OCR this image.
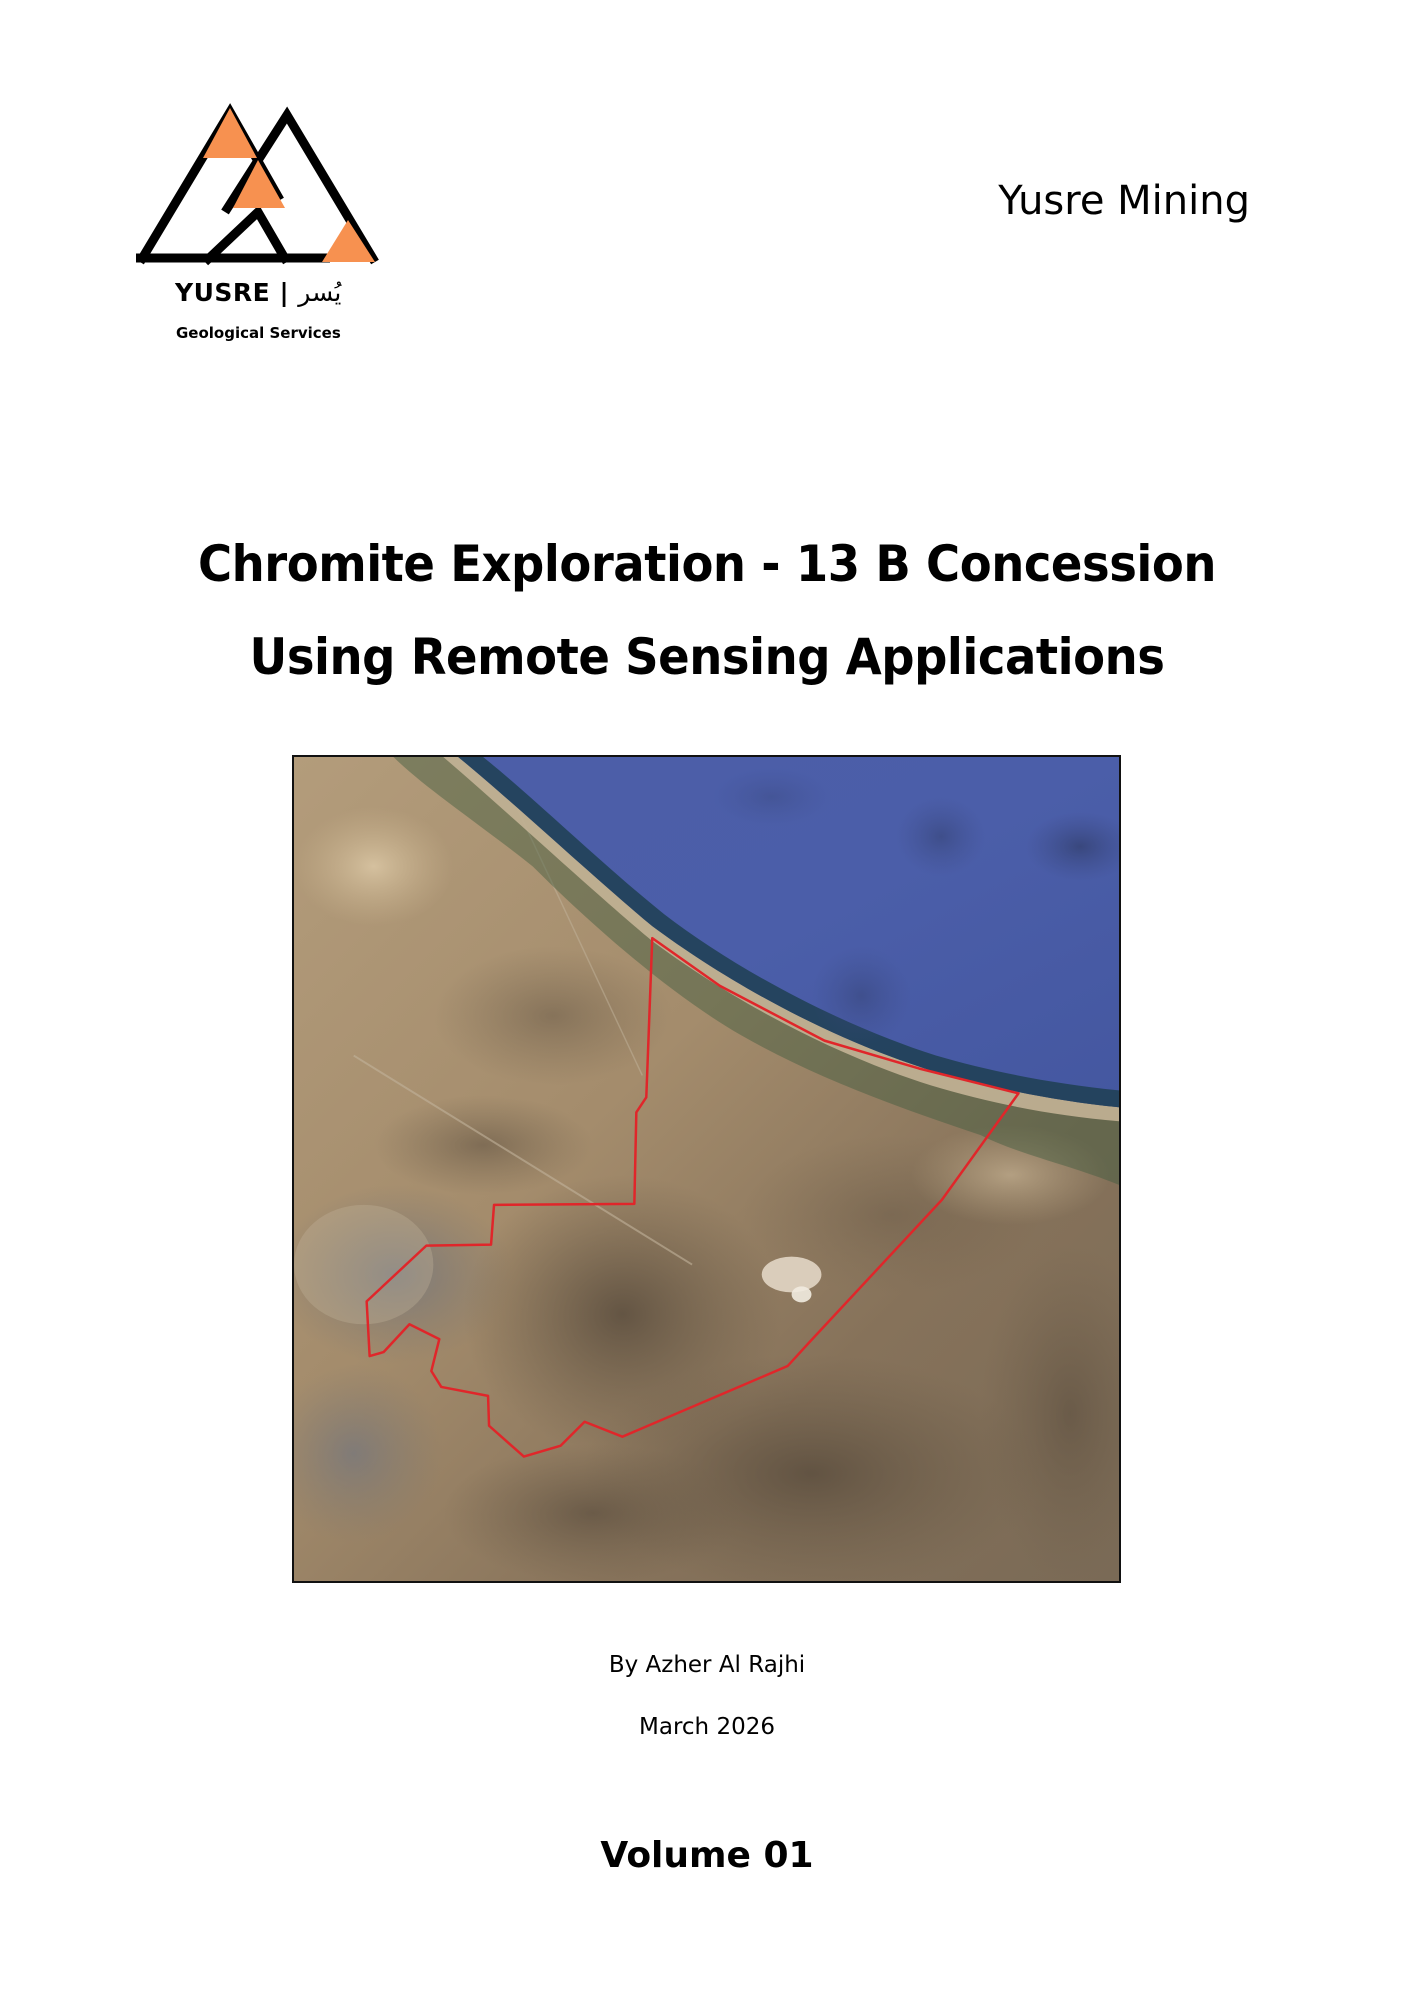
YUSRE | يُسر
Geological Services
Yusre Mining
Chromite Exploration - 13 B Concession
Using Remote Sensing Applications
By Azher Al Rajhi
March 2026
Volume 01
